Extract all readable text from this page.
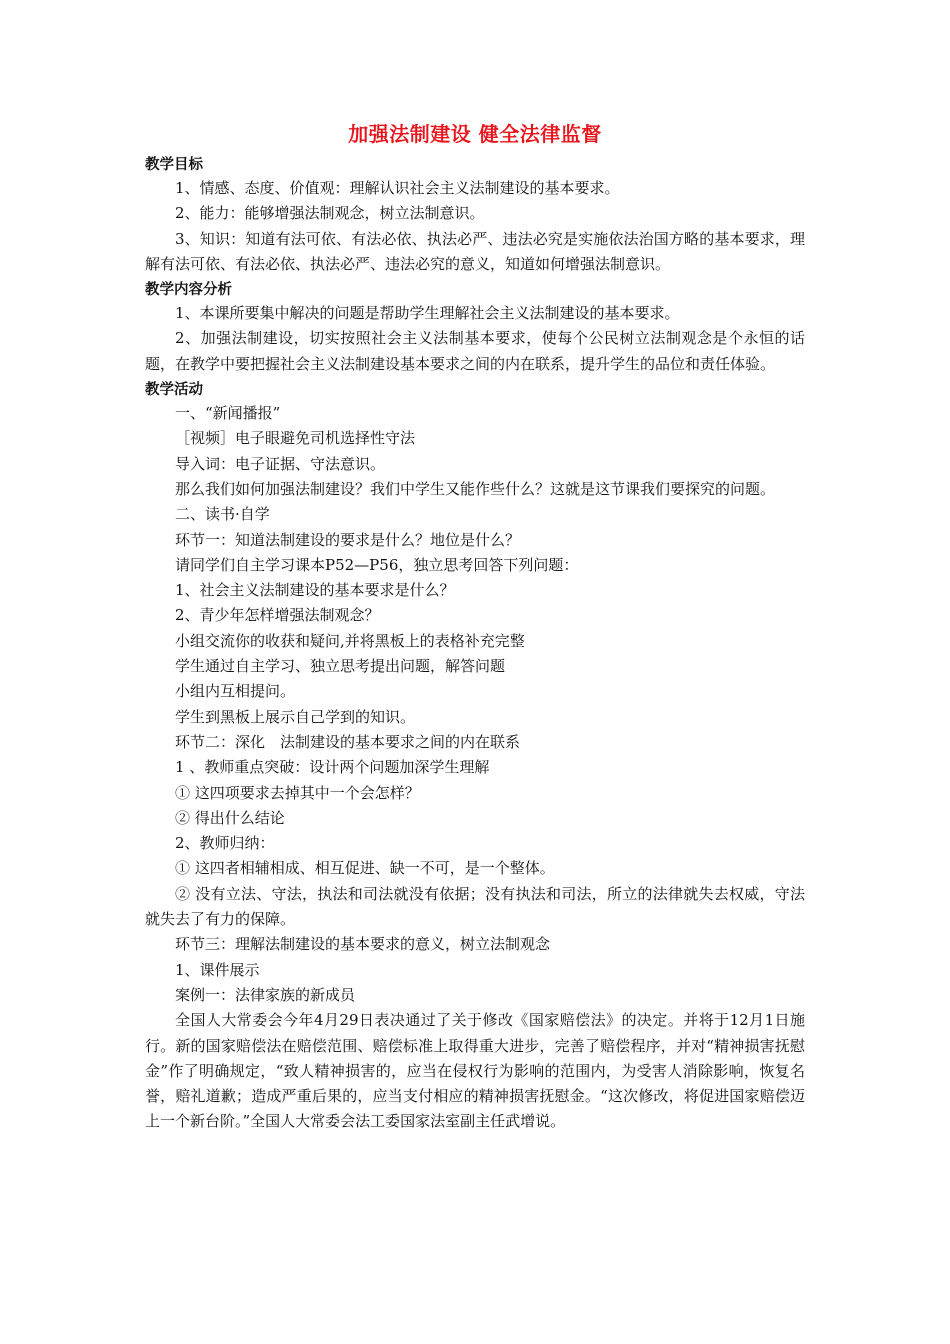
加强法制建设 健全法律监督
教学目标
1、情感、态度、价值观：理解认识社会主义法制建设的基本要求。
2、能力：能够增强法制观念，树立法制意识。
3、知识：知道有法可依、有法必依、执法必严、违法必究是实施依法治国方略的基本要求，理解有法可依、有法必依、执法必严、违法必究的意义，知道如何增强法制意识。
教学内容分析
1、本课所要集中解决的问题是帮助学生理解社会主义法制建设的基本要求。
2、加强法制建设，切实按照社会主义法制基本要求，使每个公民树立法制观念是个永恒的话题，在教学中要把握社会主义法制建设基本要求之间的内在联系，提升学生的品位和责任体验。
教学活动
一、“新闻播报”
［视频］电子眼避免司机选择性守法
导入词：电子证据、守法意识。
那么我们如何加强法制建设？我们中学生又能作些什么？这就是这节课我们要探究的问题。
二、读书·自学
环节一：知道法制建设的要求是什么？地位是什么？
请同学们自主学习课本P52—P56，独立思考回答下列问题：
1、社会主义法制建设的基本要求是什么？
2、青少年怎样增强法制观念？
小组交流你的收获和疑问,并将黑板上的表格补充完整
学生通过自主学习、独立思考提出问题，解答问题
小组内互相提问。
学生到黑板上展示自己学到的知识。
环节二：深化　法制建设的基本要求之间的内在联系
1 、教师重点突破：设计两个问题加深学生理解
① 这四项要求去掉其中一个会怎样？
② 得出什么结论
2、教师归纳：
① 这四者相辅相成、相互促进、缺一不可，是一个整体。
② 没有立法、守法，执法和司法就没有依据；没有执法和司法，所立的法律就失去权威，守法就失去了有力的保障。
环节三：理解法制建设的基本要求的意义，树立法制观念
1、课件展示
案例一：法律家族的新成员
全国人大常委会今年4月29日表决通过了关于修改《国家赔偿法》的决定。并将于12月1日施行。新的国家赔偿法在赔偿范围、赔偿标准上取得重大进步，完善了赔偿程序，并对“精神损害抚慰金”作了明确规定，“致人精神损害的，应当在侵权行为影响的范围内，为受害人消除影响，恢复名誉，赔礼道歉；造成严重后果的，应当支付相应的精神损害抚慰金。“这次修改，将促进国家赔偿迈上一个新台阶。”全国人大常委会法工委国家法室副主任武增说。
